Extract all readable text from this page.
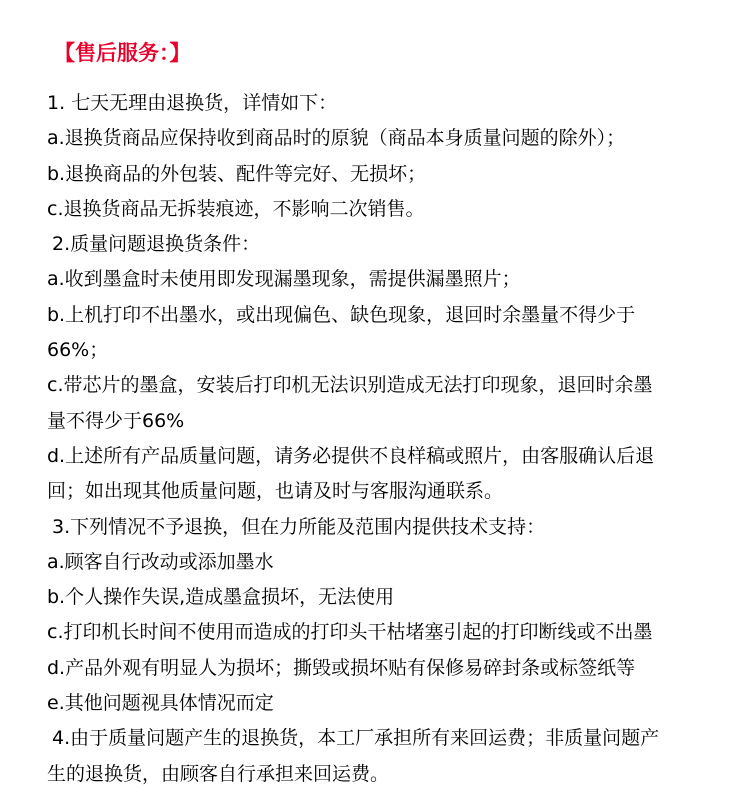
【售后服务：】
1. 七天无理由退换货，详情如下：
a.退换货商品应保持收到商品时的原貌（商品本身质量问题的除外）；
b.退换商品的外包装、配件等完好、无损坏；
c.退换货商品无拆装痕迹，不影响二次销售。
2.质量问题退换货条件：
a.收到墨盒时未使用即发现漏墨现象，需提供漏墨照片；
b.上机打印不出墨水，或出现偏色、缺色现象，退回时余墨量不得少于
66%；
c.带芯片的墨盒，安装后打印机无法识别造成无法打印现象，退回时余墨
量不得少于66%
d.上述所有产品质量问题，请务必提供不良样稿或照片，由客服确认后退
回；如出现其他质量问题，也请及时与客服沟通联系。
3.下列情况不予退换，但在力所能及范围内提供技术支持：
a.顾客自行改动或添加墨水
b.个人操作失误,造成墨盒损坏，无法使用
c.打印机长时间不使用而造成的打印头干枯堵塞引起的打印断线或不出墨
d.产品外观有明显人为损坏；撕毁或损坏贴有保修易碎封条或标签纸等
e.其他问题视具体情况而定
4.由于质量问题产生的退换货，本工厂承担所有来回运费；非质量问题产
生的退换货，由顾客自行承担来回运费。
